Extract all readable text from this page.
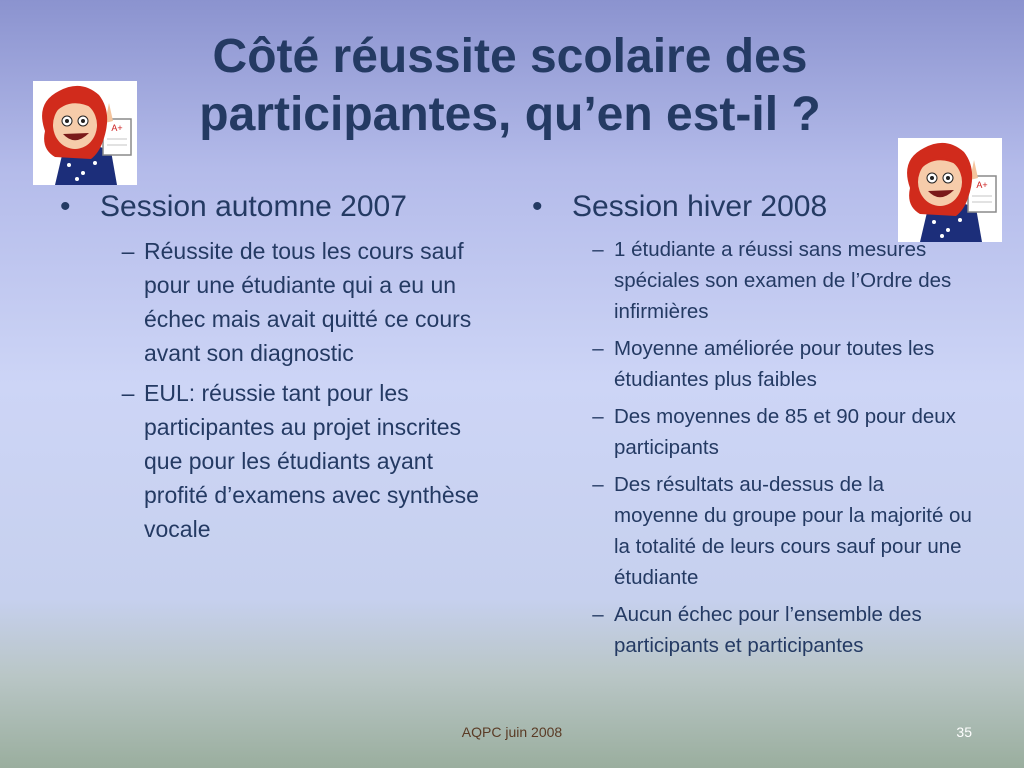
Côté réussite scolaire des
participantes, qu’en est-il ?
A+
A+
• Session automne 2007
– Réussite de tous les cours sauf pour une étudiante qui a eu un échec mais avait quitté ce cours avant son diagnostic
– EUL: réussie tant pour les participantes au projet inscrites que pour les étudiants ayant profité d’examens avec synthèse vocale
• Session hiver 2008
– 1 étudiante a réussi sans mesures spéciales son examen de l’Ordre des infirmières
– Moyenne améliorée pour toutes les étudiantes plus faibles
– Des moyennes de 85 et 90 pour deux participants
– Des résultats au-dessus de la moyenne du groupe pour la majorité ou la totalité de leurs cours sauf pour une étudiante
– Aucun échec pour l’ensemble des participants et participantes
AQPC juin 2008	35
